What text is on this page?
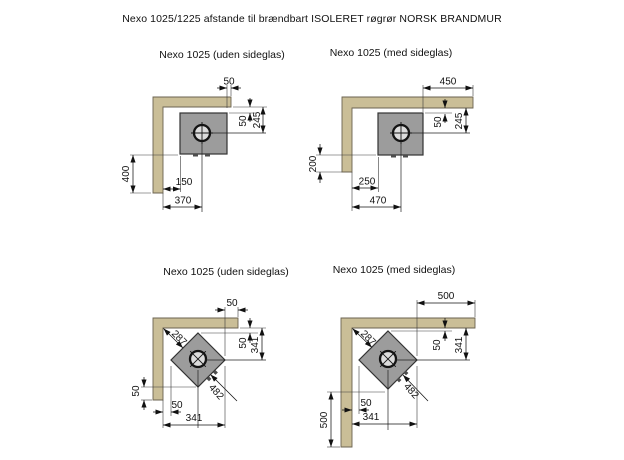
Nexo 1025/1225 afstande til brændbart ISOLERET røgrør NORSK BRANDMUR
Nexo 1025 (uden sideglas)	Nexo 1025 (med sideglas)
Nexo 1025 (uden sideglas)	Nexo 1025 (med sideglas)
50
50 245
400
150
370
450
50 245
200
250
470
50
50 341
287
482
50
341
50
500
50 341
287
482
50
341
500
